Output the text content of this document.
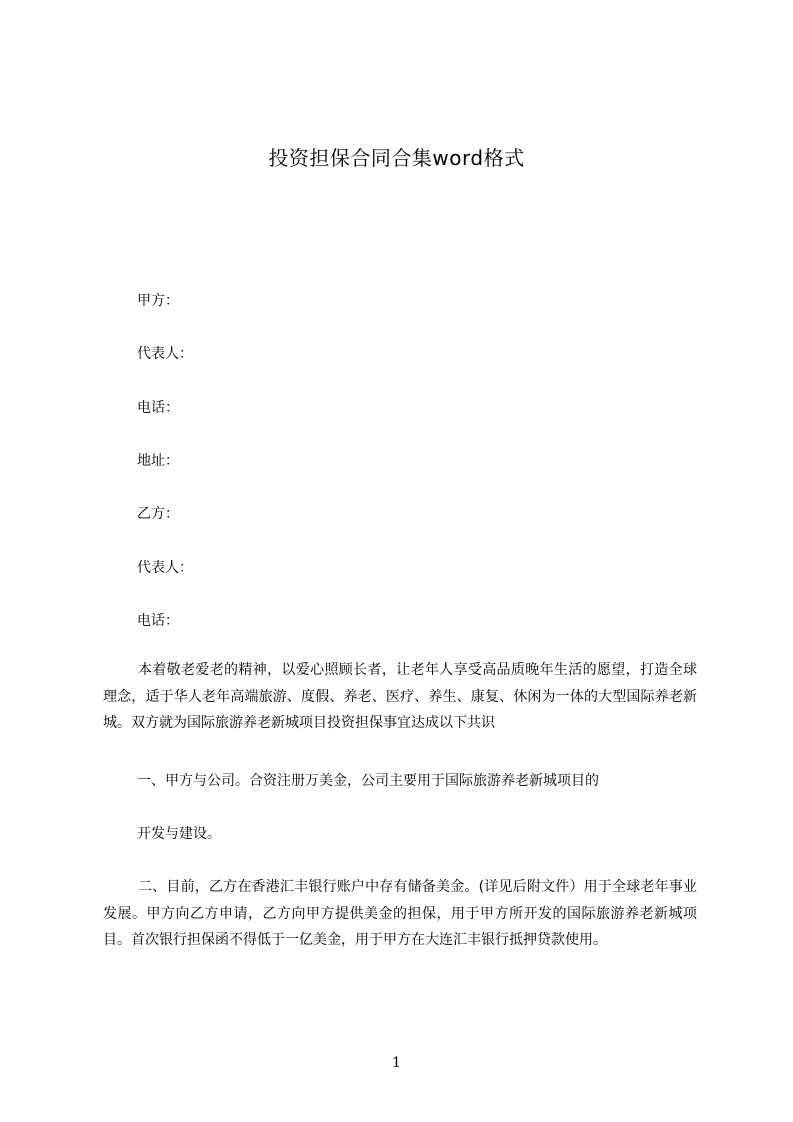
投资担保合同合集word格式
甲方：
代表人：
电话：
地址：
乙方：
代表人：
电话：
本着敬老爱老的精神，以爱心照顾长者，让老年人享受高品质晚年生活的愿望，打造全球理念，适于华人老年高端旅游、度假、养老、医疗、养生、康复、休闲为一体的大型国际养老新城。双方就为国际旅游养老新城项目投资担保事宜达成以下共识
一、甲方与公司。合资注册万美金，公司主要用于国际旅游养老新城项目的
开发与建设。
二、目前，乙方在香港汇丰银行账户中存有储备美金。(详见后附文件）用于全球老年事业发展。甲方向乙方申请，乙方向甲方提供美金的担保，用于甲方所开发的国际旅游养老新城项目。首次银行担保函不得低于一亿美金，用于甲方在大连汇丰银行抵押贷款使用。
1
